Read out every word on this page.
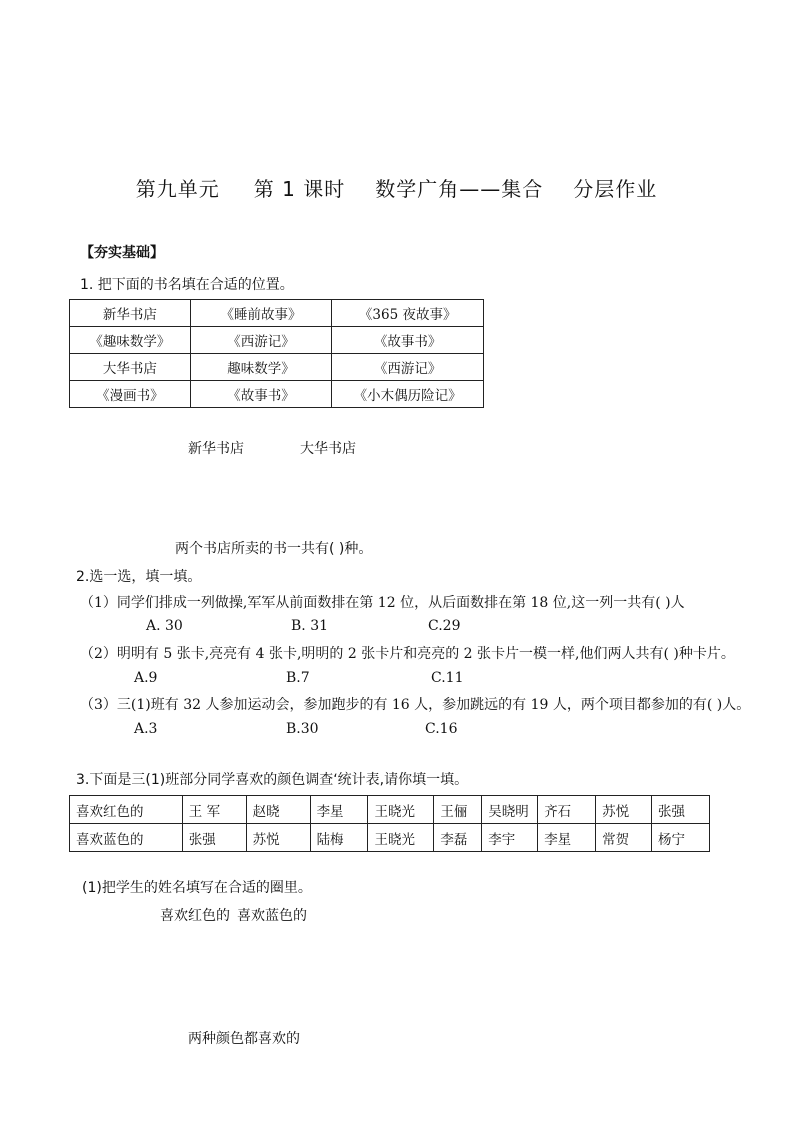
第九单元 第 1 课时 数学广角——集合 分层作业
【夯实基础】
1. 把下面的书名填在合适的位置。
新华书店	《睡前故事》	《365 夜故事》
《趣味数学》	《西游记》	《故事书》
大华书店	趣味数学》	《西游记》
《漫画书》	《故事书》	《小木偶历险记》
新华书店	大华书店
两个书店所卖的书一共有( )种。
2.选一选，填一填。
（1）同学们排成一列做操,军军从前面数排在第 12 位，从后面数排在第 18 位,这一列一共有( )人
A. 30	B. 31	C.29
（2）明明有 5 张卡,亮亮有 4 张卡,明明的 2 张卡片和亮亮的 2 张卡片一模一样,他们两人共有( )种卡片。
A.9	B.7	C.11
（3）三(1)班有 32 人参加运动会，参加跑步的有 16 人，参加跳远的有 19 人，两个项目都参加的有( )人。
A.3	B.30	C.16
3.下面是三(1)班部分同学喜欢的颜色调查‘统计表,请你填一填。
喜欢红色的	王 军	赵晓	李星	王晓光	王俪	吴晓明	齐石	苏悦	张强
喜欢蓝色的	张强	苏悦	陆梅	王晓光	李磊	李宇	李星	常贺	杨宁
(1)把学生的姓名填写在合适的圈里。
喜欢红色的 喜欢蓝色的
两种颜色都喜欢的
